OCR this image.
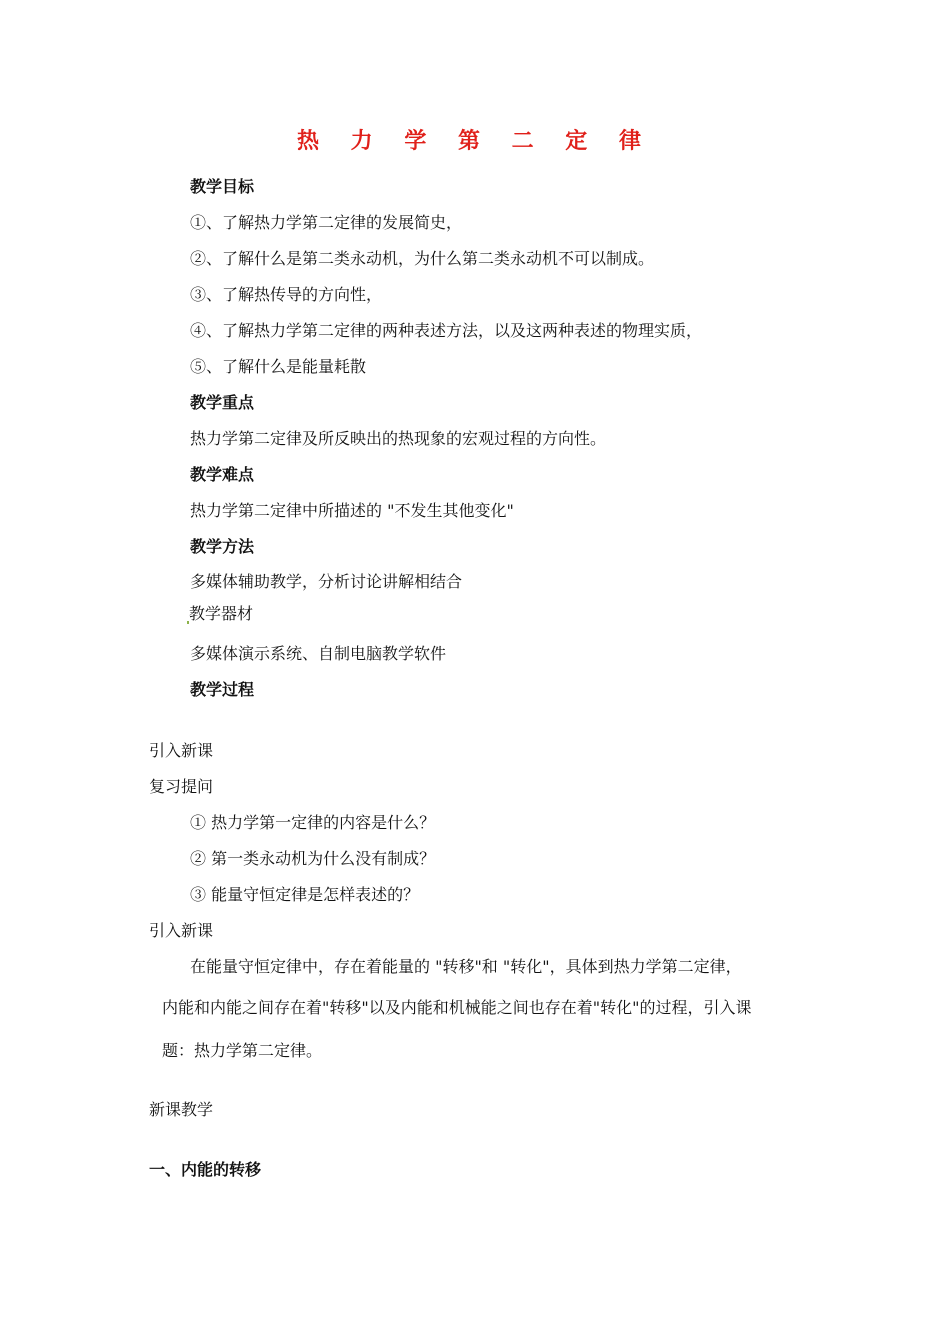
热 力 学 第 二 定 律
教学目标
①、了解热力学第二定律的发展简史，
②、了解什么是第二类永动机，为什么第二类永动机不可以制成。
③、了解热传导的方向性，
④、了解热力学第二定律的两种表述方法，以及这两种表述的物理实质，
⑤、了解什么是能量耗散
教学重点
热力学第二定律及所反映出的热现象的宏观过程的方向性。
教学难点
热力学第二定律中所描述的 "不发生其他变化"
教学方法
多媒体辅助教学，分析讨论讲解相结合
教学器材
多媒体演示系统、自制电脑教学软件
教学过程
引入新课
复习提问
① 热力学第一定律的内容是什么？
② 第一类永动机为什么没有制成？
③ 能量守恒定律是怎样表述的？
引入新课
在能量守恒定律中，存在着能量的 "转移"和 "转化"，具体到热力学第二定律，
内能和内能之间存在着"转移"以及内能和机械能之间也存在着"转化"的过程，引入课
题：热力学第二定律。
新课教学
一、内能的转移
